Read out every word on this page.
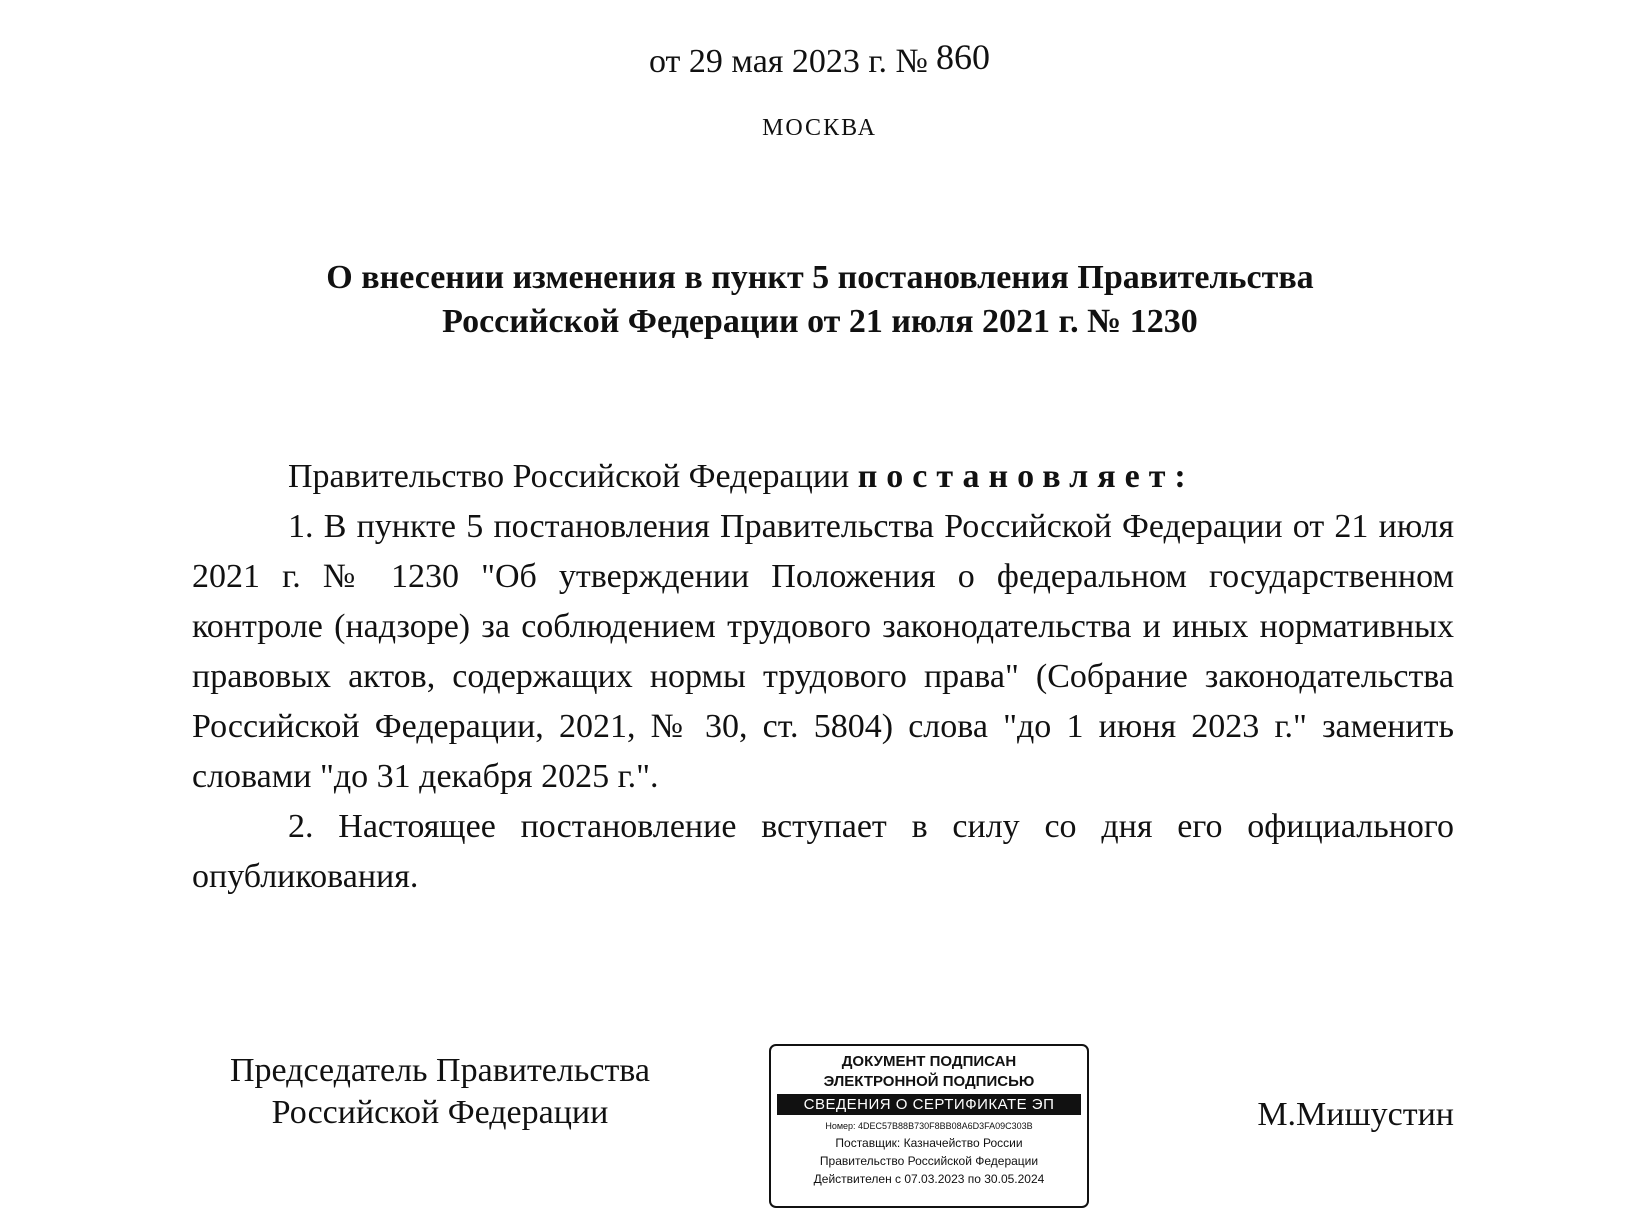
от 29 мая 2023 г. № 860
МОСКВА
О внесении изменения в пункт 5 постановления Правительства
Российской Федерации от 21 июля 2021 г. № 1230

Правительство Российской Федерации постановляет:

1. В пункте 5 постановления Правительства Российской Федерации от 21 июля 2021 г. № 1230 "Об утверждении Положения о федеральном государственном контроле (надзоре) за соблюдением трудового законодательства и иных нормативных правовых актов, содержащих нормы трудового права" (Собрание законодательства Российской Федерации, 2021, № 30, ст. 5804) слова "до 1 июня 2023 г." заменить словами "до 31 декабря 2025 г.".

2. Настоящее постановление вступает в силу со дня его официального опубликования.

Председатель Правительства
Российской Федерации
ДОКУМЕНТ ПОДПИСАН
ЭЛЕКТРОННОЙ ПОДПИСЬЮ
СВЕДЕНИЯ О СЕРТИФИКАТЕ ЭП
Номер: 4DEC57B88B730F8BB08A6D3FA09C303B
Поставщик: Казначейство России
Правительство Российской Федерации
Действителен с 07.03.2023 по 30.05.2024
М.Мишустин
